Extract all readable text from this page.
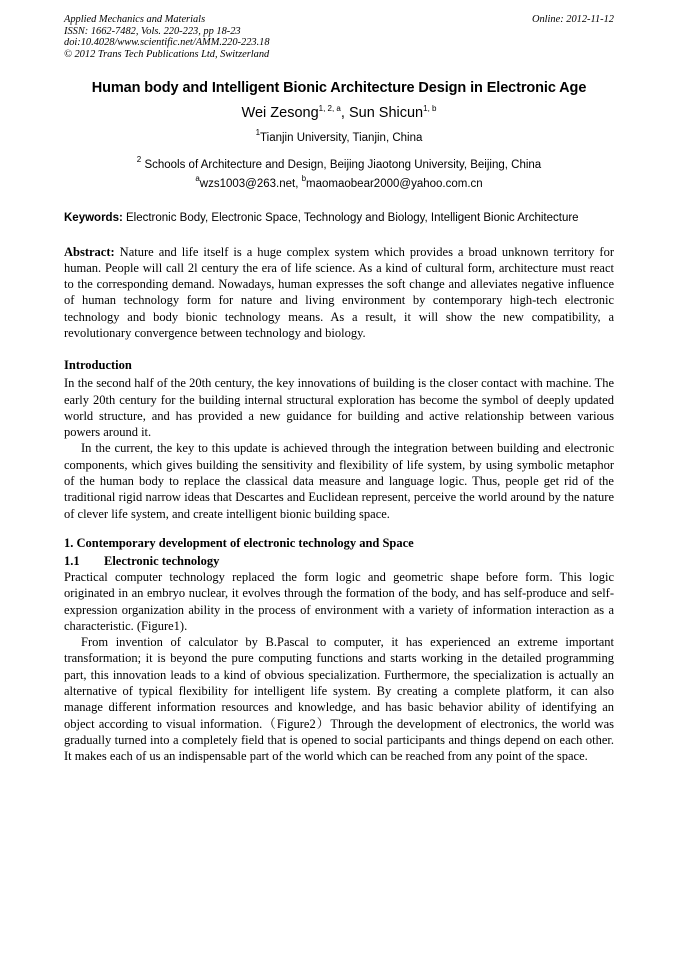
Applied Mechanics and Materials
ISSN: 1662-7482, Vols. 220-223, pp 18-23
doi:10.4028/www.scientific.net/AMM.220-223.18
© 2012 Trans Tech Publications Ltd, Switzerland
Online: 2012-11-12
Human body and Intelligent Bionic Architecture Design in Electronic Age
Wei Zesong$^{1, 2, a}$, Sun Shicun$^{1, b}$
$^1$Tianjin University, Tianjin, China
$^2$ Schools of Architecture and Design, Beijing Jiaotong University, Beijing, China
$^a$wzs1003@263.net, $^b$maomaobear2000@yahoo.com.cn
Keywords: Electronic Body, Electronic Space, Technology and Biology, Intelligent Bionic Architecture
Abstract: Nature and life itself is a huge complex system which provides a broad unknown territory for human. People will call 2l century the era of life science. As a kind of cultural form, architecture must react to the corresponding demand. Nowadays, human expresses the soft change and alleviates negative influence of human technology form for nature and living environment by contemporary high-tech electronic technology and body bionic technology means. As a result, it will show the new compatibility, a revolutionary convergence between technology and biology.
Introduction
In the second half of the 20th century, the key innovations of building is the closer contact with machine. The early 20th century for the building internal structural exploration has become the symbol of deeply updated world structure, and has provided a new guidance for building and active relationship between various powers around it.
In the current, the key to this update is achieved through the integration between building and electronic components, which gives building the sensitivity and flexibility of life system, by using symbolic metaphor of the human body to replace the classical data measure and language logic. Thus, people get rid of the traditional rigid narrow ideas that Descartes and Euclidean represent, perceive the world around by the nature of clever life system, and create intelligent bionic building space.
1. Contemporary development of electronic technology and Space
1.1 Electronic technology
Practical computer technology replaced the form logic and geometric shape before form. This logic originated in an embryo nuclear, it evolves through the formation of the body, and has self-produce and self-expression organization ability in the process of environment with a variety of information interaction as a characteristic. (Figure1).
From invention of calculator by B.Pascal to computer, it has experienced an extreme important transformation; it is beyond the pure computing functions and starts working in the detailed programming part, this innovation leads to a kind of obvious specialization. Furthermore, the specialization is actually an alternative of typical flexibility for intelligent life system. By creating a complete platform, it can also manage different information resources and knowledge, and has basic behavior ability of identifying an object according to visual information.（Figure2）Through the development of electronics, the world was gradually turned into a completely field that is opened to social participants and things depend on each other. It makes each of us an indispensable part of the world which can be reached from any point of the space.
